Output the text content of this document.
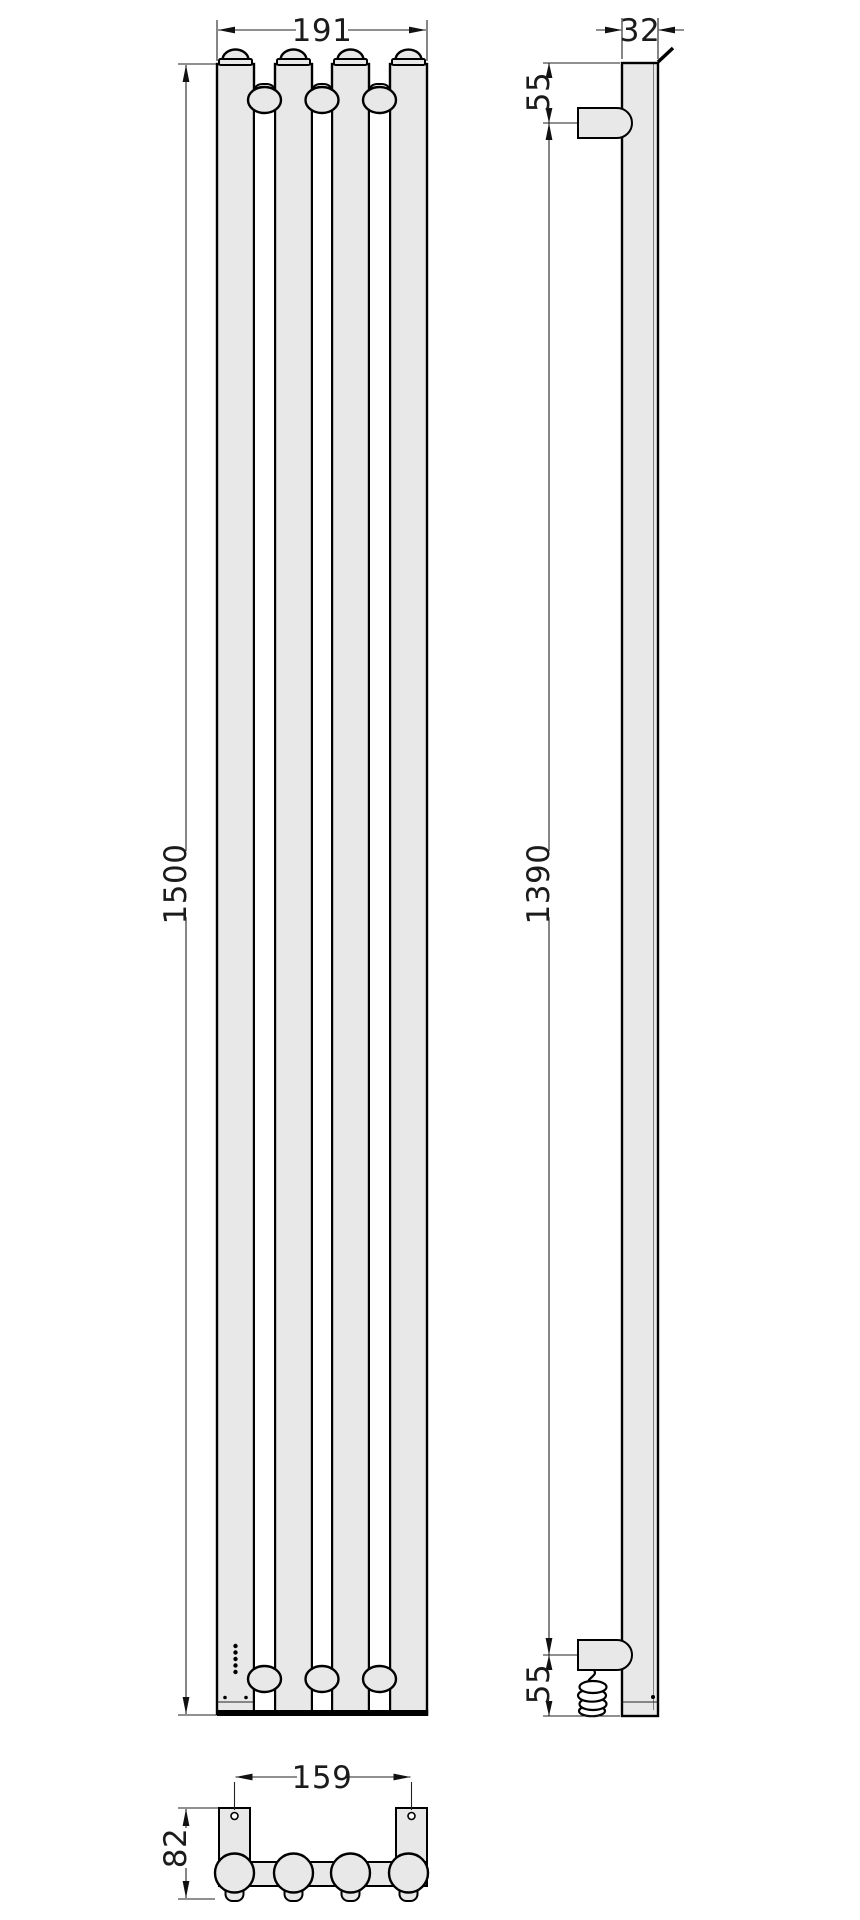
191
1500
32
55
1390
55
159
82
